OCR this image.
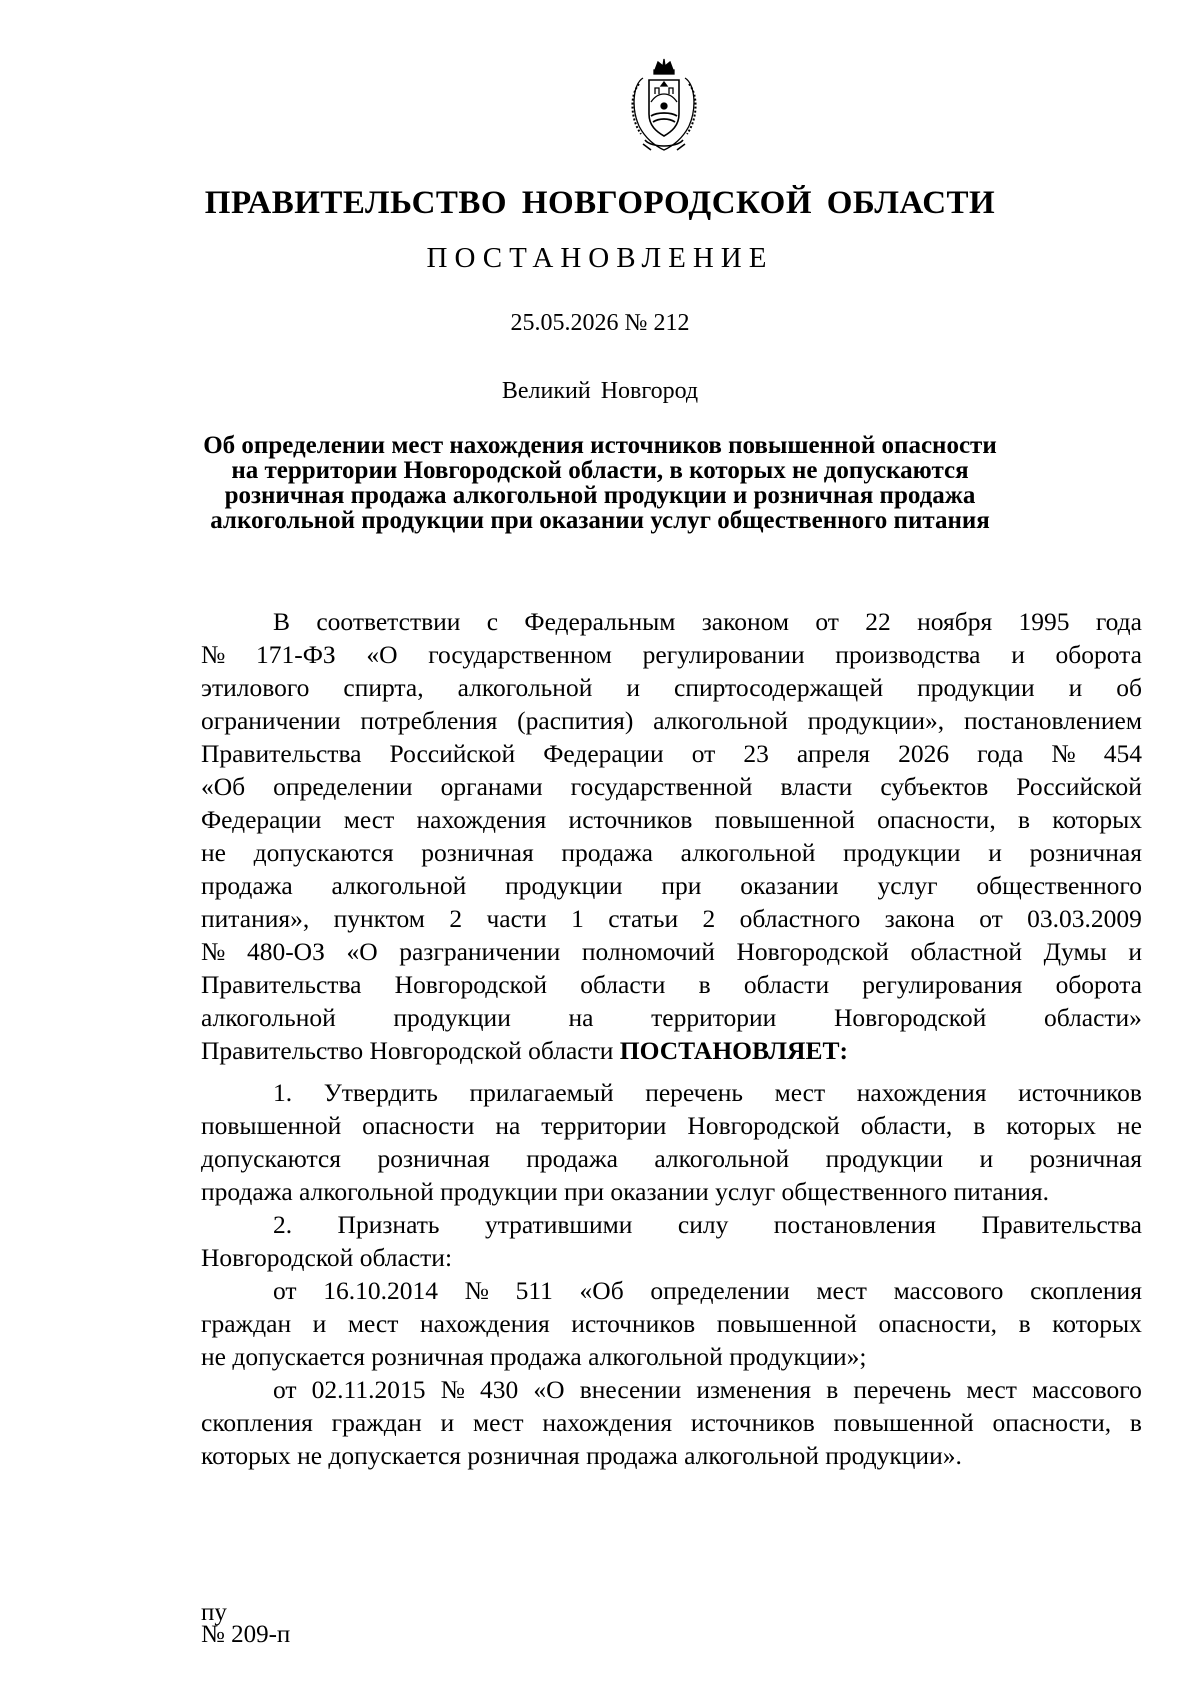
ПРАВИТЕЛЬСТВО НОВГОРОДСКОЙ ОБЛАСТИ
ПОСТАНОВЛЕНИЕ
25.05.2026 № 212
Великий Новгород
Об определении мест нахождения источников повышенной опасности
на территории Новгородской области, в которых не допускаются
розничная продажа алкогольной продукции и розничная продажа
алкогольной продукции при оказании услуг общественного питания
В соответствии с Федеральным законом от 22 ноября 1995 года
№ 171-ФЗ «О государственном регулировании производства и оборота
этилового спирта, алкогольной и спиртосодержащей продукции и об
ограничении потребления (распития) алкогольной продукции», постановлением
Правительства Российской Федерации от 23 апреля 2026 года № 454
«Об определении органами государственной власти субъектов Российской
Федерации мест нахождения источников повышенной опасности, в которых
не допускаются розничная продажа алкогольной продукции и розничная
продажа алкогольной продукции при оказании услуг общественного
питания», пунктом 2 части 1 статьи 2 областного закона от 03.03.2009
№ 480-ОЗ «О разграничении полномочий Новгородской областной Думы и
Правительства Новгородской области в области регулирования оборота
алкогольной продукции на территории Новгородской области»
Правительство Новгородской области ПОСТАНОВЛЯЕТ:
1. Утвердить прилагаемый перечень мест нахождения источников
повышенной опасности на территории Новгородской области, в которых не
допускаются розничная продажа алкогольной продукции и розничная
продажа алкогольной продукции при оказании услуг общественного питания.
2. Признать утратившими силу постановления Правительства
Новгородской области:
от 16.10.2014 № 511 «Об определении мест массового скопления
граждан и мест нахождения источников повышенной опасности, в которых
не допускается розничная продажа алкогольной продукции»;
от 02.11.2015 № 430 «О внесении изменения в перечень мест массового
скопления граждан и мест нахождения источников повышенной опасности, в
которых не допускается розничная продажа алкогольной продукции».
пу
№ 209-п
